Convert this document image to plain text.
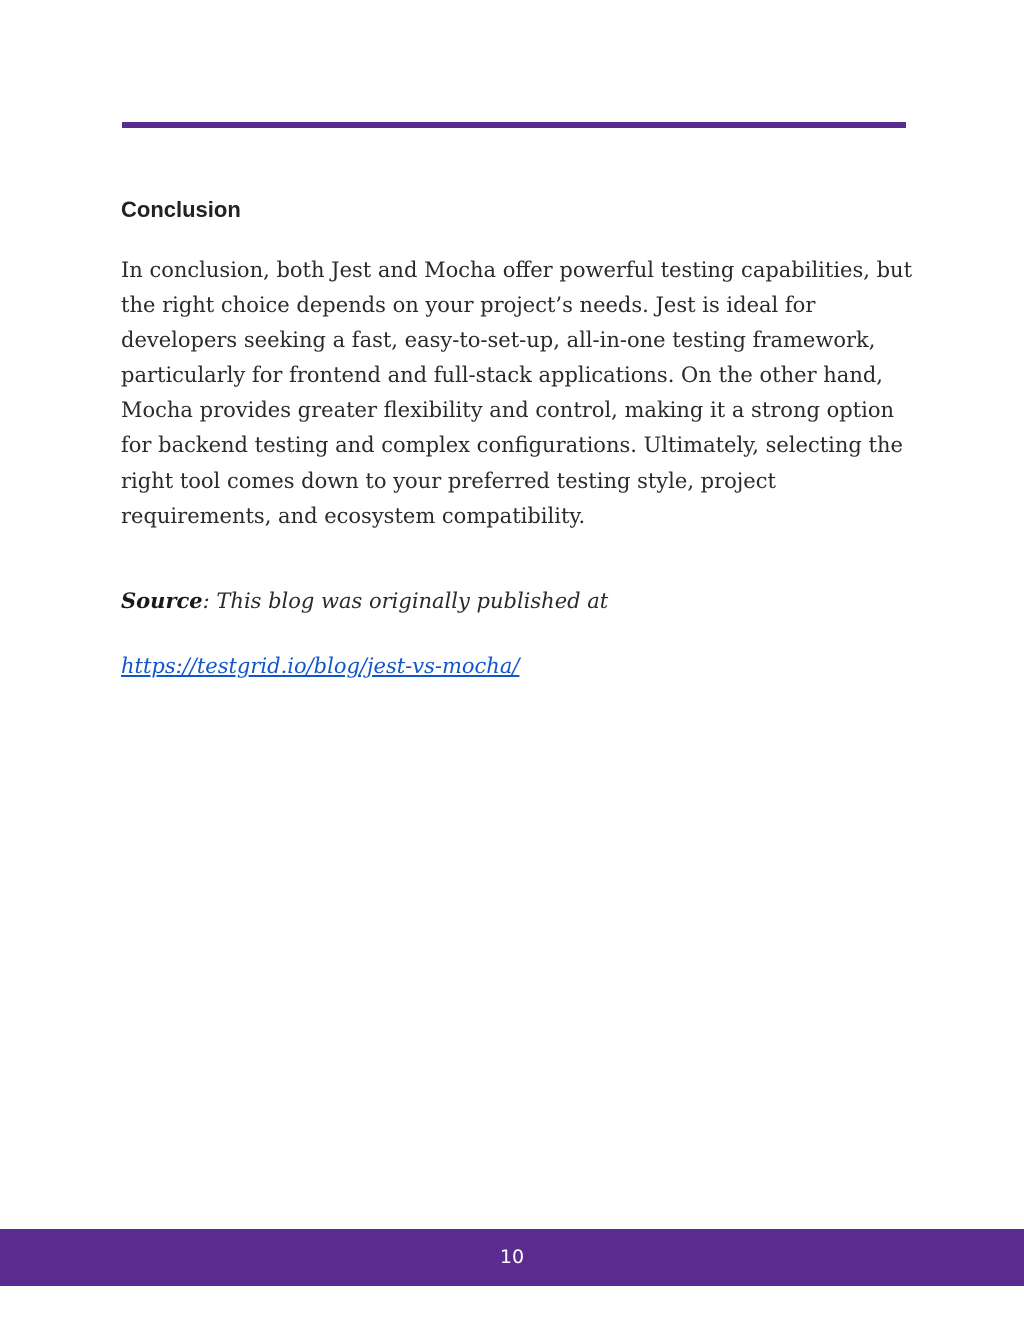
Conclusion

In conclusion, both Jest and Mocha offer powerful testing capabilities, but the right choice depends on your project’s needs. Jest is ideal for developers seeking a fast, easy-to-set-up, all-in-one testing framework, particularly for frontend and full-stack applications. On the other hand, Mocha provides greater flexibility and control, making it a strong option for backend testing and complex configurations. Ultimately, selecting the right tool comes down to your preferred testing style, project requirements, and ecosystem compatibility.

Source: This blog was originally published at

https://testgrid.io/blog/jest-vs-mocha/
10
